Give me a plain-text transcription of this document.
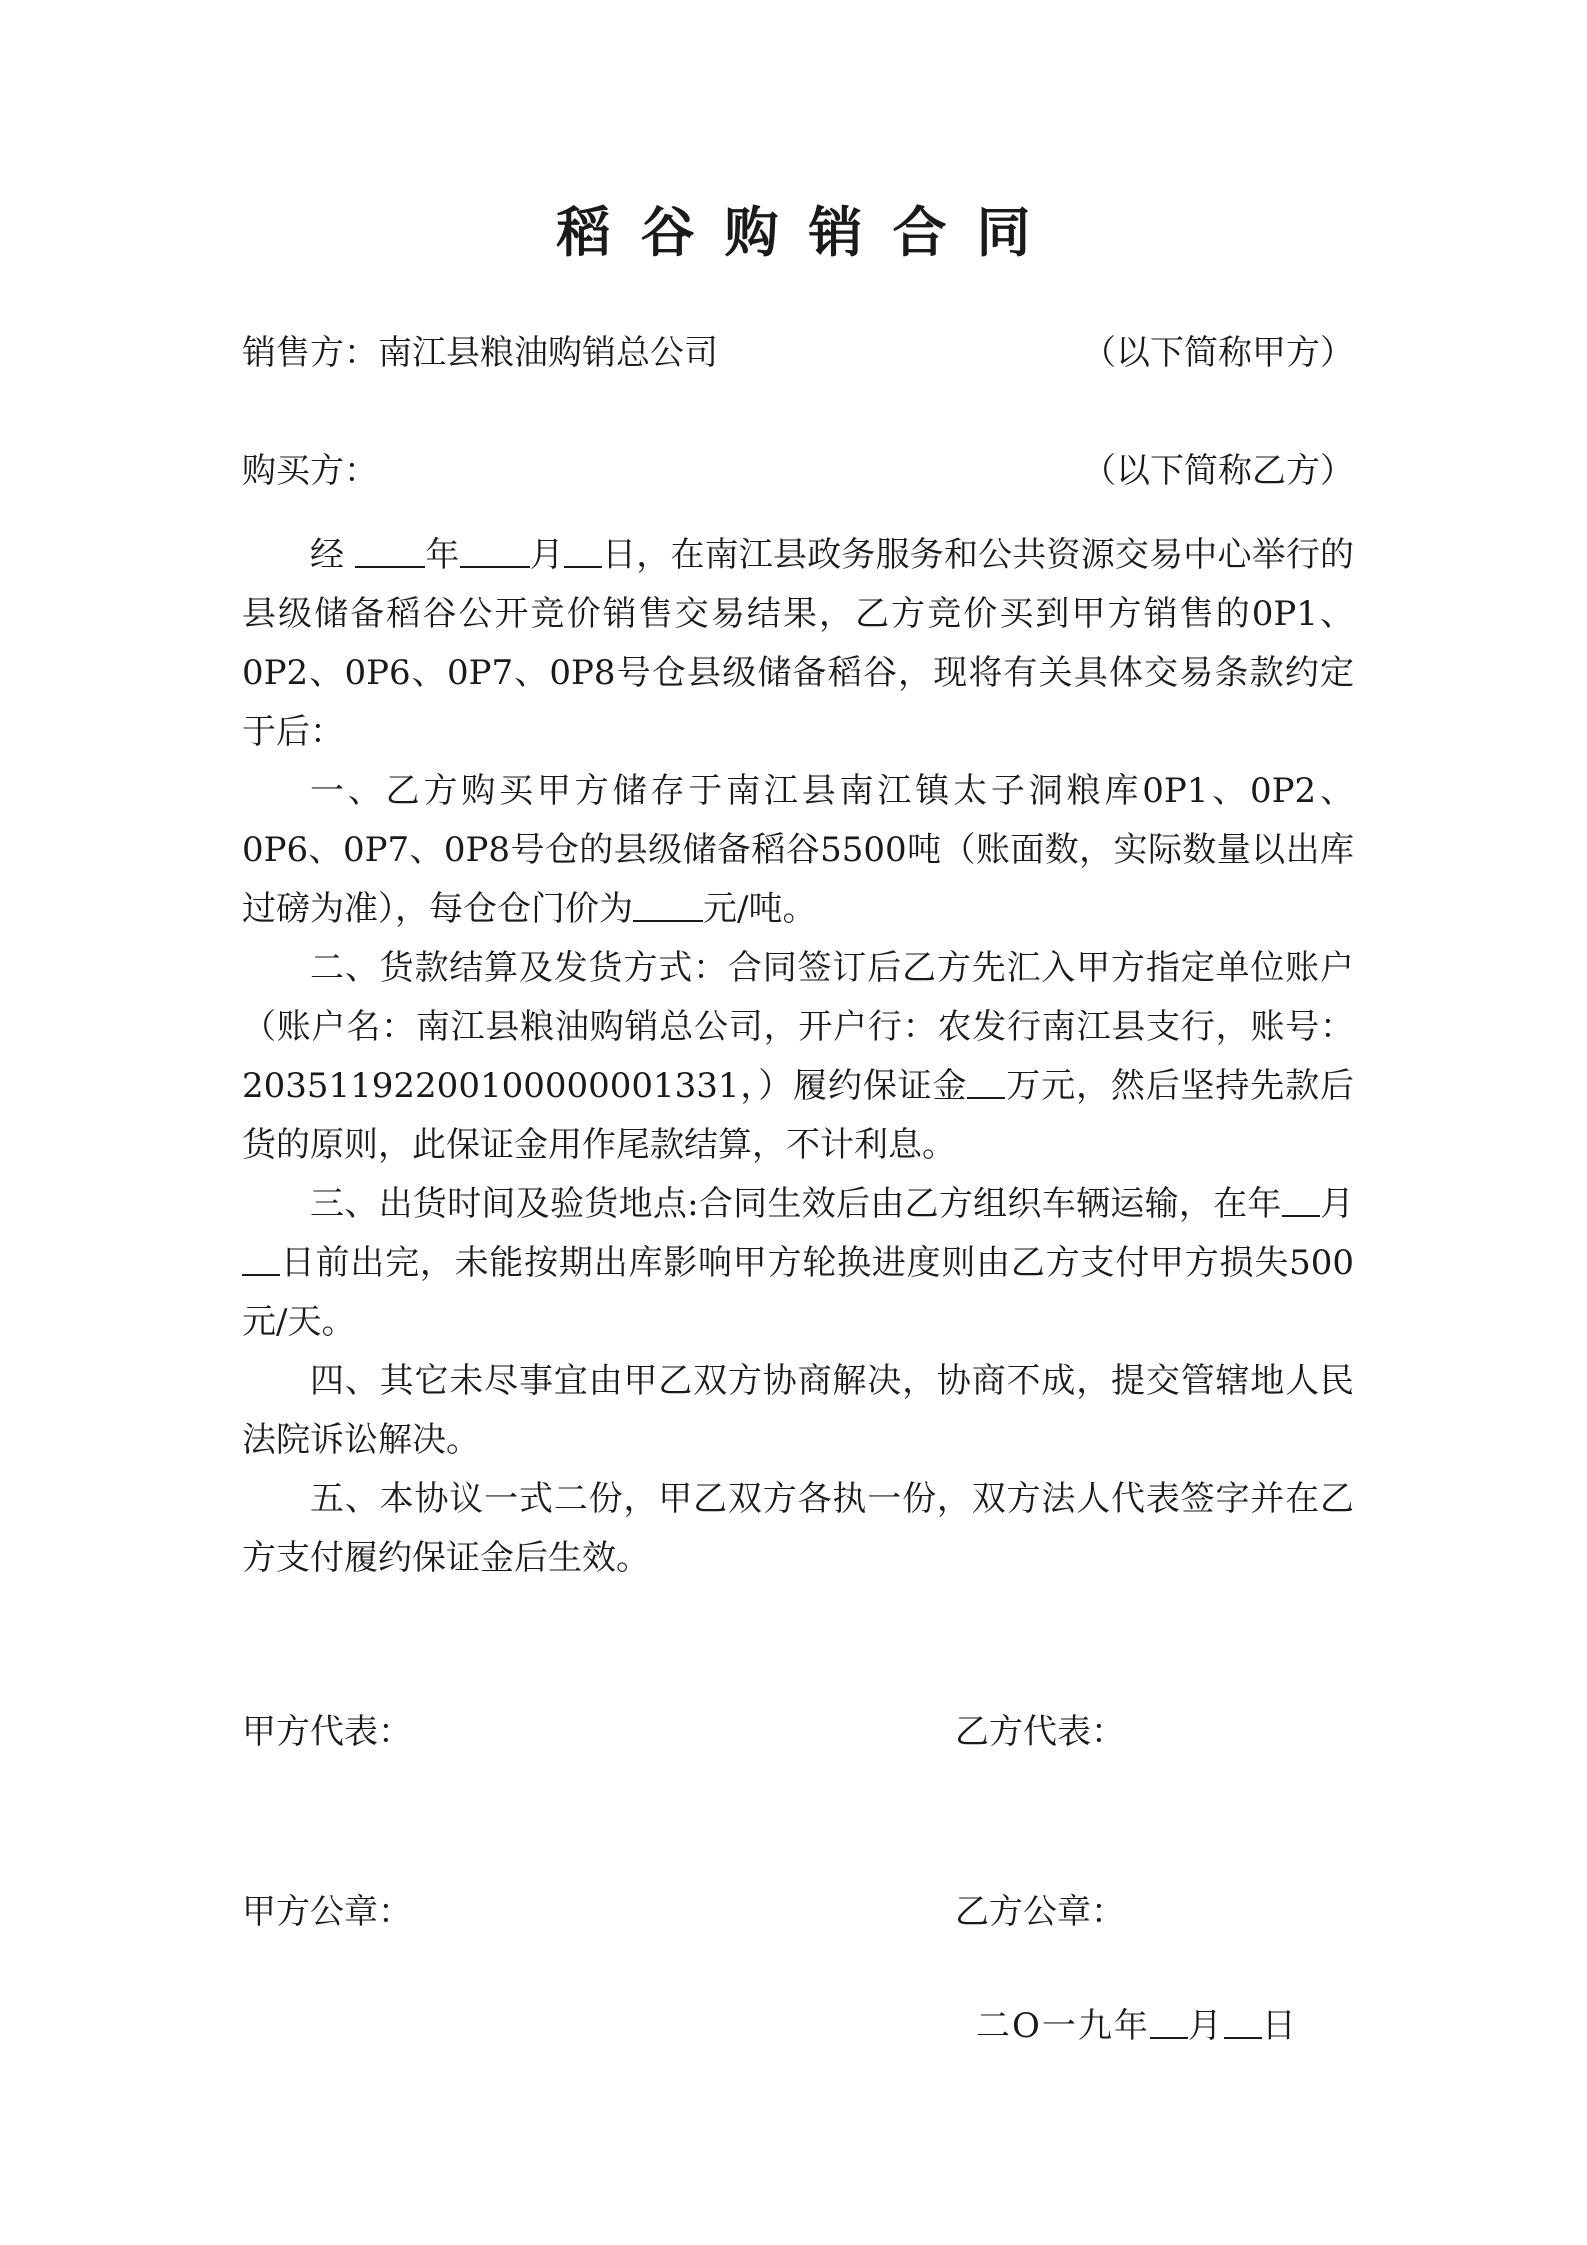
稻谷购销合同
销售方：南江县粮油购销总公司	（以下简称甲方）
购买方：	（以下简称乙方）

经 年 月 日，在南江县政务服务和公共资源交易中心举行的县级储备稻谷公开竞价销售交易结果，乙方竞价买到甲方销售的0P1、0P2、0P6、0P7、0P8号仓县级储备稻谷，现将有关具体交易条款约定于后：

一、乙方购买甲方储存于南江县南江镇太子洞粮库0P1、0P2、0P6、0P7、0P8号仓的县级储备稻谷5500吨（账面数，实际数量以出库过磅为准），每仓仓门价为 元/吨。

二、货款结算及发货方式：合同签订后乙方先汇入甲方指定单位账户（账户名：南江县粮油购销总公司，开户行：农发行南江县支行，账号：20351192200100000001331，）履约保证金 万元，然后坚持先款后货的原则，此保证金用作尾款结算，不计利息。

三、出货时间及验货地点:合同生效后由乙方组织车辆运输，在年 月日前出完，未能按期出库影响甲方轮换进度则由乙方支付甲方损失500元/天。

四、其它未尽事宜由甲乙双方协商解决，协商不成，提交管辖地人民法院诉讼解决。

五、本协议一式二份，甲乙双方各执一份，双方法人代表签字并在乙方支付履约保证金后生效。

甲方代表：	乙方代表：
甲方公章：	乙方公章：
二O一九年 月 日
